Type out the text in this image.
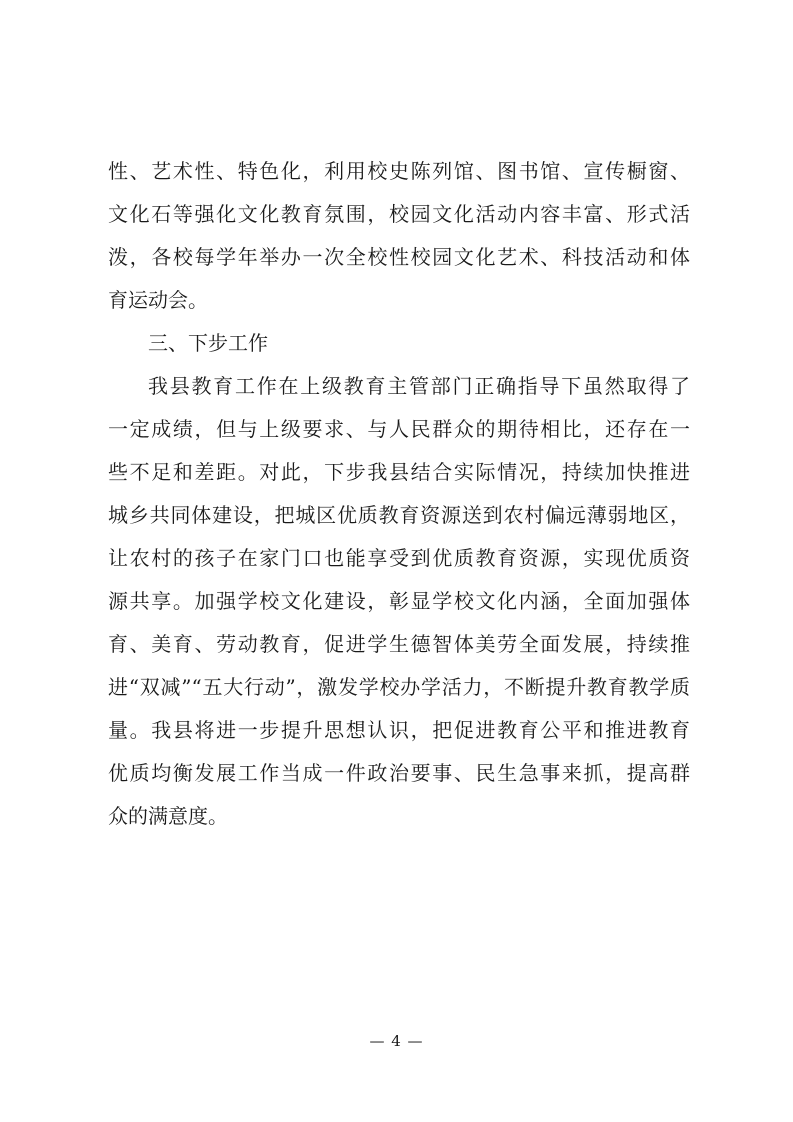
性、艺术性、特色化，利用校史陈列馆、图书馆、宣传橱窗、
文化石等强化文化教育氛围，校园文化活动内容丰富、形式活
泼，各校每学年举办一次全校性校园文化艺术、科技活动和体
育运动会。
三、下步工作
我县教育工作在上级教育主管部门正确指导下虽然取得了
一定成绩，但与上级要求、与人民群众的期待相比，还存在一
些不足和差距。对此，下步我县结合实际情况，持续加快推进
城乡共同体建设，把城区优质教育资源送到农村偏远薄弱地区，
让农村的孩子在家门口也能享受到优质教育资源，实现优质资
源共享。加强学校文化建设，彰显学校文化内涵，全面加强体
育、美育、劳动教育，促进学生德智体美劳全面发展，持续推
进“双减”“五大行动”，激发学校办学活力，不断提升教育教学质
量。我县将进一步提升思想认识，把促进教育公平和推进教育
优质均衡发展工作当成一件政治要事、民生急事来抓，提高群
众的满意度。
— 4 —
